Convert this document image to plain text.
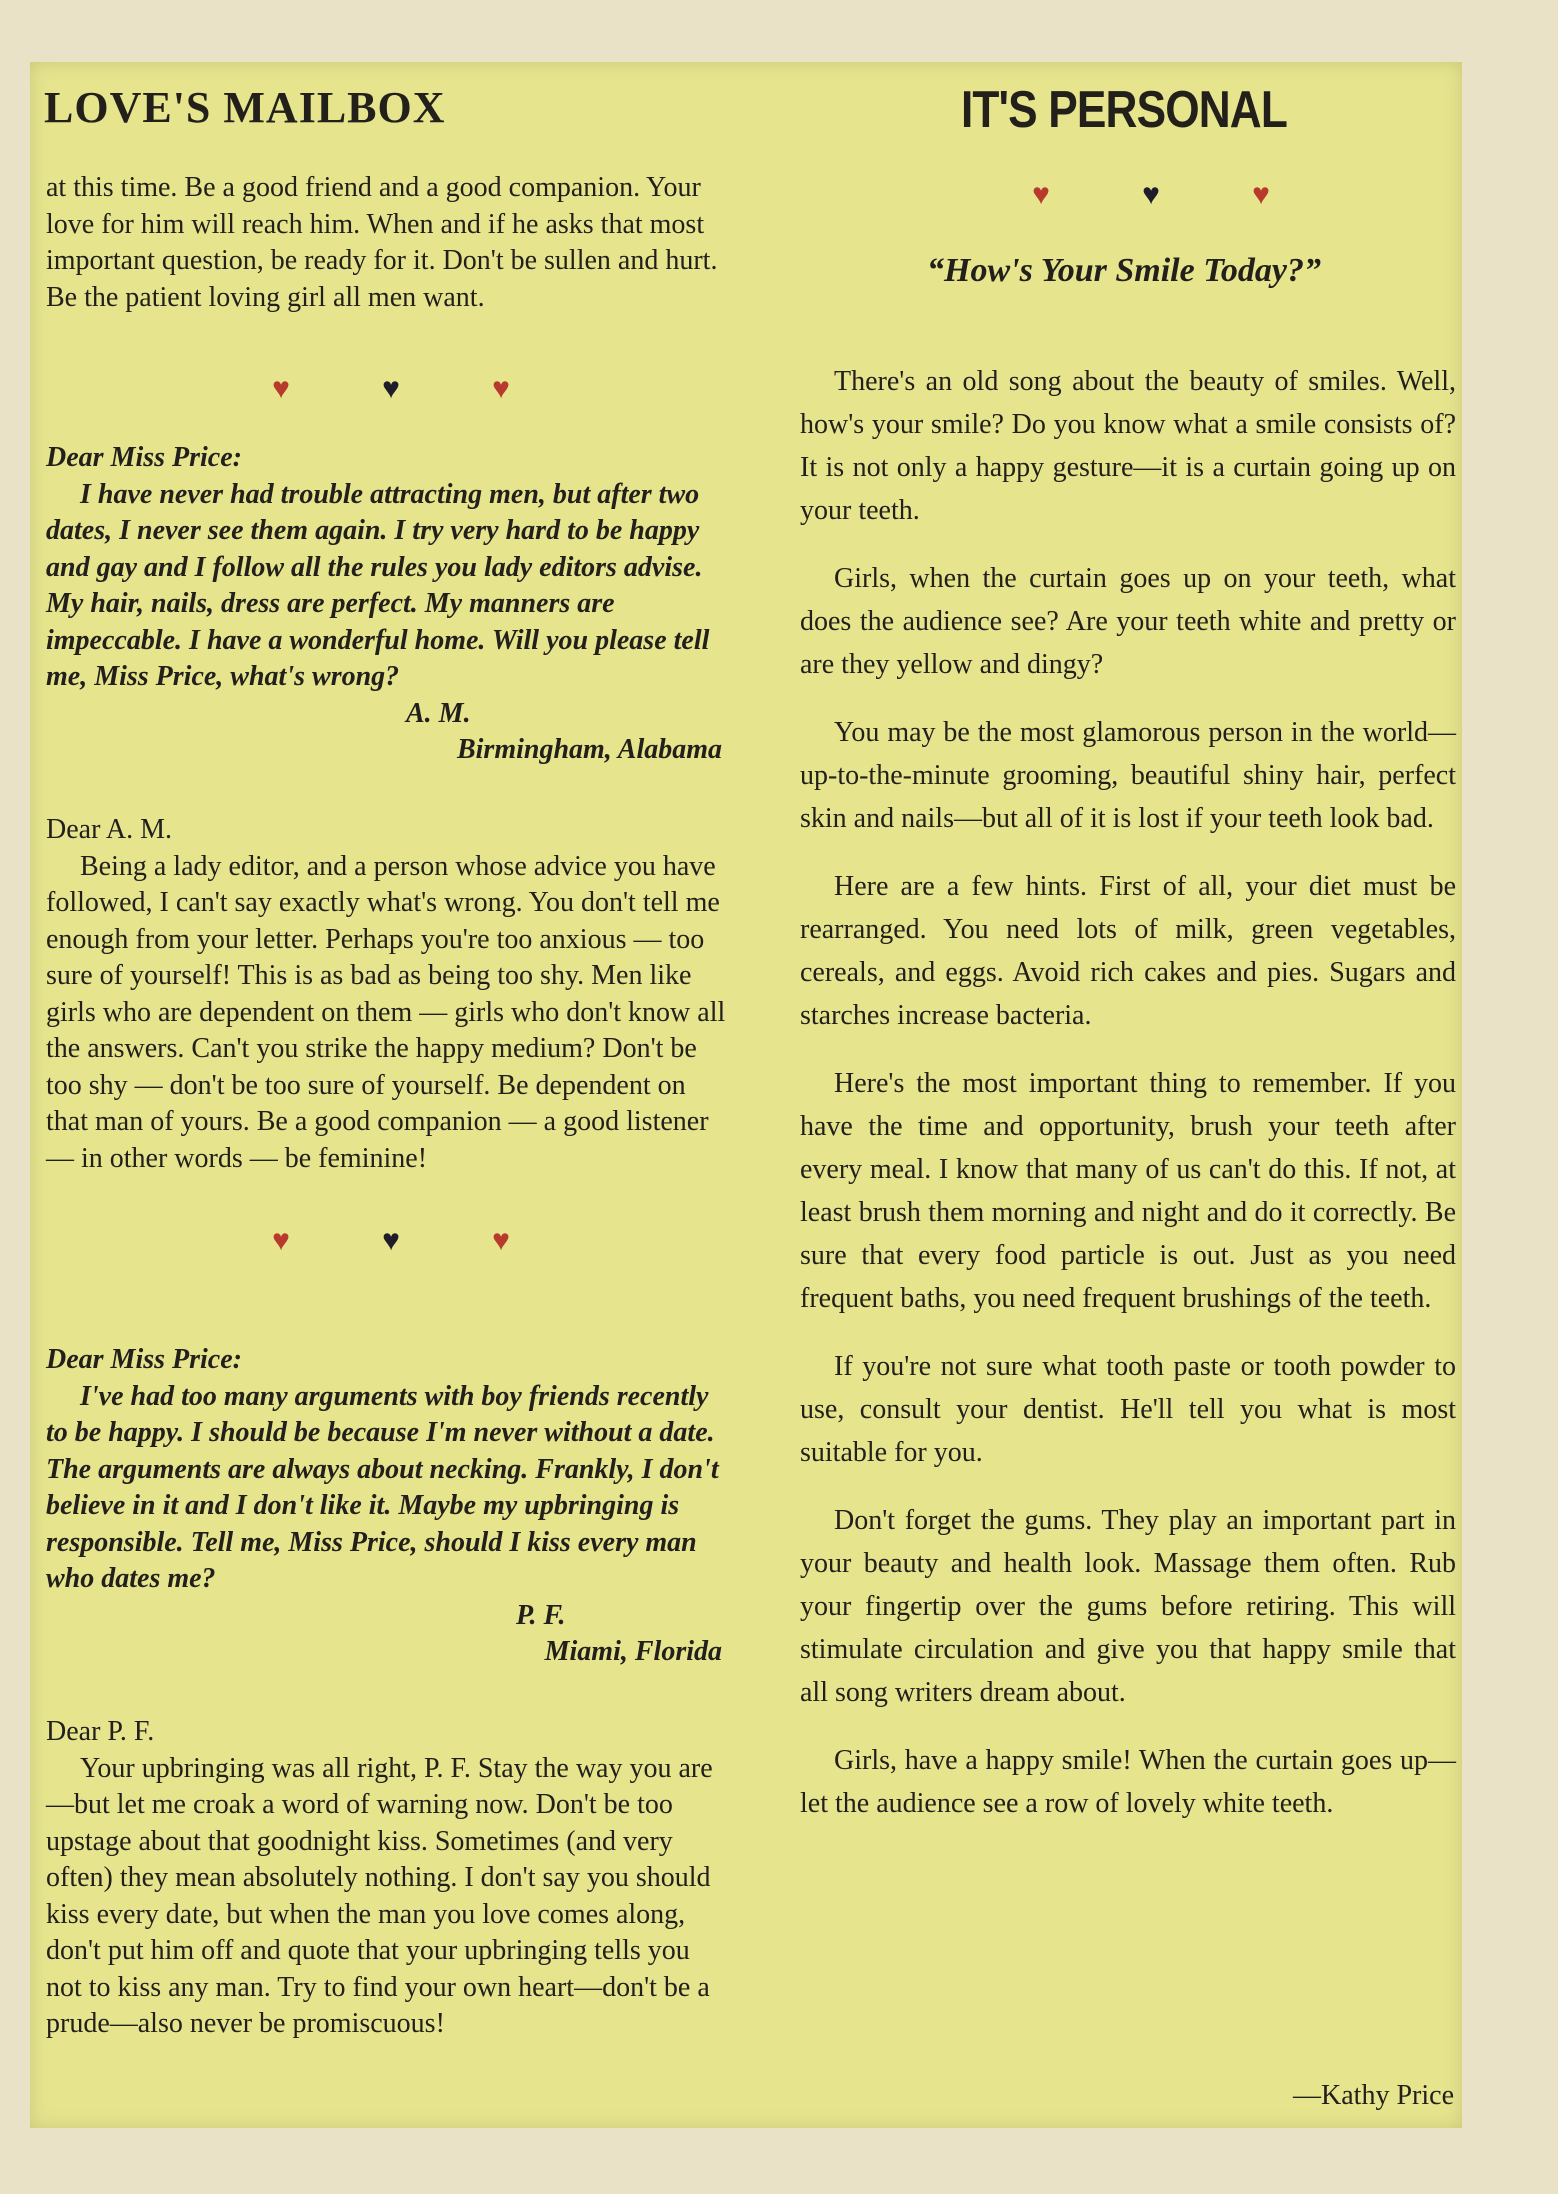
LOVE'S MAILBOX

at this time. Be a good friend and a good companion. Your love for him will reach him. When and if he asks that most important question, be ready for it. Don't be sullen and hurt. Be the patient loving girl all men want.

♥	♥	♥

Dear Miss Price:

I have never had trouble attracting men, but after two dates, I never see them again. I try very hard to be happy and gay and I follow all the rules you lady editors advise. My hair, nails, dress are perfect. My manners are impeccable. I have a wonderful home. Will you please tell me, Miss Price, what's wrong?

A. M.

Birmingham, Alabama

Dear A. M.

Being a lady editor, and a person whose advice you have followed, I can't say exactly what's wrong. You don't tell me enough from your letter. Perhaps you're too anxious — too sure of yourself! This is as bad as being too shy. Men like girls who are dependent on them — girls who don't know all the answers. Can't you strike the happy medium? Don't be too shy — don't be too sure of yourself. Be dependent on that man of yours. Be a good companion — a good listener — in other words — be feminine!

♥	♥	♥

Dear Miss Price:

I've had too many arguments with boy friends recently to be happy. I should be because I'm never without a date. The arguments are always about necking. Frankly, I don't believe in it and I don't like it. Maybe my upbringing is responsible. Tell me, Miss Price, should I kiss every man who dates me?

P. F.

Miami, Florida

Dear P. F.

Your upbringing was all right, P. F. Stay the way you are—but let me croak a word of warning now. Don't be too upstage about that goodnight kiss. Sometimes (and very often) they mean absolutely nothing. I don't say you should kiss every date, but when the man you love comes along, don't put him off and quote that your upbringing tells you not to kiss any man. Try to find your own heart—don't be a prude—also never be promiscuous!

IT'S PERSONAL
♥	♥	♥
“How's Your Smile Today?”

There's an old song about the beauty of smiles. Well, how's your smile? Do you know what a smile consists of? It is not only a happy gesture—it is a curtain going up on your teeth.

Girls, when the curtain goes up on your teeth, what does the audience see? Are your teeth white and pretty or are they yellow and dingy?

You may be the most glamorous person in the world—up-to-the-minute grooming, beautiful shiny hair, perfect skin and nails—but all of it is lost if your teeth look bad.

Here are a few hints. First of all, your diet must be rearranged. You need lots of milk, green vegetables, cereals, and eggs. Avoid rich cakes and pies. Sugars and starches increase bacteria.

Here's the most important thing to remember. If you have the time and opportunity, brush your teeth after every meal. I know that many of us can't do this. If not, at least brush them morning and night and do it correctly. Be sure that every food particle is out. Just as you need frequent baths, you need frequent brushings of the teeth.

If you're not sure what tooth paste or tooth powder to use, consult your dentist. He'll tell you what is most suitable for you.

Don't forget the gums. They play an important part in your beauty and health look. Massage them often. Rub your fingertip over the gums before retiring. This will stimulate circulation and give you that happy smile that all song writers dream about.

Girls, have a happy smile! When the curtain goes up—let the audience see a row of lovely white teeth.

—Kathy Price
